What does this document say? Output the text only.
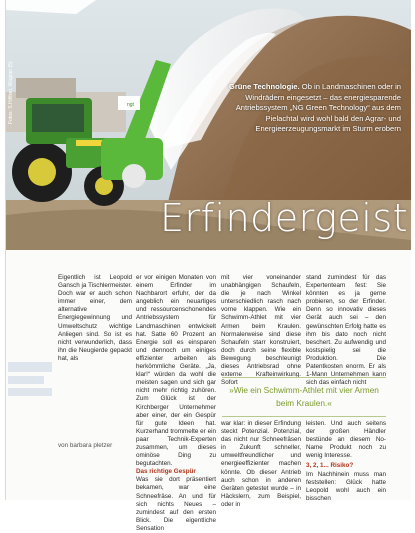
ngt
Fotos: S.Hilfiker, Wagner (5)	Grüne Technologie. Ob in Landmaschinen oder in Windrädern eingesetzt – das energiesparende Antriebssystem „NG Green Technology“ aus dem Pielachtal wird wohl bald den Agrar- und Energieerzeugungsmarkt im Sturm erobern
Erfindergeist

Eigentlich ist Leopold Gansch ja Tischlermeister. Doch war er auch schon immer einer, dem alternative Energiegewinnung und Umweltschutz wichtige Anliegen sind. So ist es nicht verwunderlich, dass ihn die Neugierde gepackt hat, als

von barbara pletzer

er vor einigen Monaten von einem Erfinder im Nachbarort erfuhr, der da angeblich ein neuartiges und ressourcenschonendes Antriebssystem für Landmaschinen entwickelt hat. Satte 60 Prozent an Energie soll es einsparen und dennoch um einiges effizienter arbeiten als herkömmliche Geräte. „Ja, klar!“ würden da wohl die meisten sagen und sich gar nicht mehr richtig zuhören. Zum Glück ist der Kirchberger Unternehmer aber einer, der ein Gespür für gute Ideen hat. Kurzerhand trommelte er ein paar Technik-Experten zusammen, um dieses ominöse Ding zu begutachten.

Das richtige Gespür

Was sie dort präsentiert bekamen, war eine Schneefräse. An und für sich nichts Neues – zumindest auf den ersten Blick. Die eigentliche Sensation

mit vier voneinander unabhängigen Schaufeln, die je nach Winkel unterschiedlich rasch nach vorne klappen. Wie ein Schwimm-Athlet mit vier Armen beim Kraulen. Normalerweise sind diese Schaufeln starr konstruiert, doch durch seine flexible Bewegung beschleunigt dieses Antriebsrad ohne externe Krafteinwirkung. Sofort

stand zumindest für das Expertenteam fest: Sie könnten es ja gerne probieren, so der Erfinder. Denn so innovativ dieses Gerät auch sei – den gewünschten Erfolg hatte es ihm bis dato noch nicht beschert. Zu aufwendig und kostspielig sei die Produktion. Die Patentkosten enorm. Er als 1-Mann Unternehmen kann sich das einfach nicht

»Wie ein Schwimm-Athlet mit vier Armen beim Kraulen.«

war klar: in dieser Erfindung steckt Potenzial. Potenzial, das nicht nur Schneefräsen in Zukunft schneller, umweltfreundlicher und energieeffizienter machen könnte. Ob dieser Antrieb auch schon in anderen Geräten getestet wurde – in Häckslern, zum Beispiel, oder in

leisten. Und auch seitens der großen Händler bestünde an diesem No-Name Produkt noch zu wenig Interesse.

3, 2, 1... Risiko?

Im Nachhinein muss man feststellen: Glück hatte Leopold wohl auch ein bisschen
